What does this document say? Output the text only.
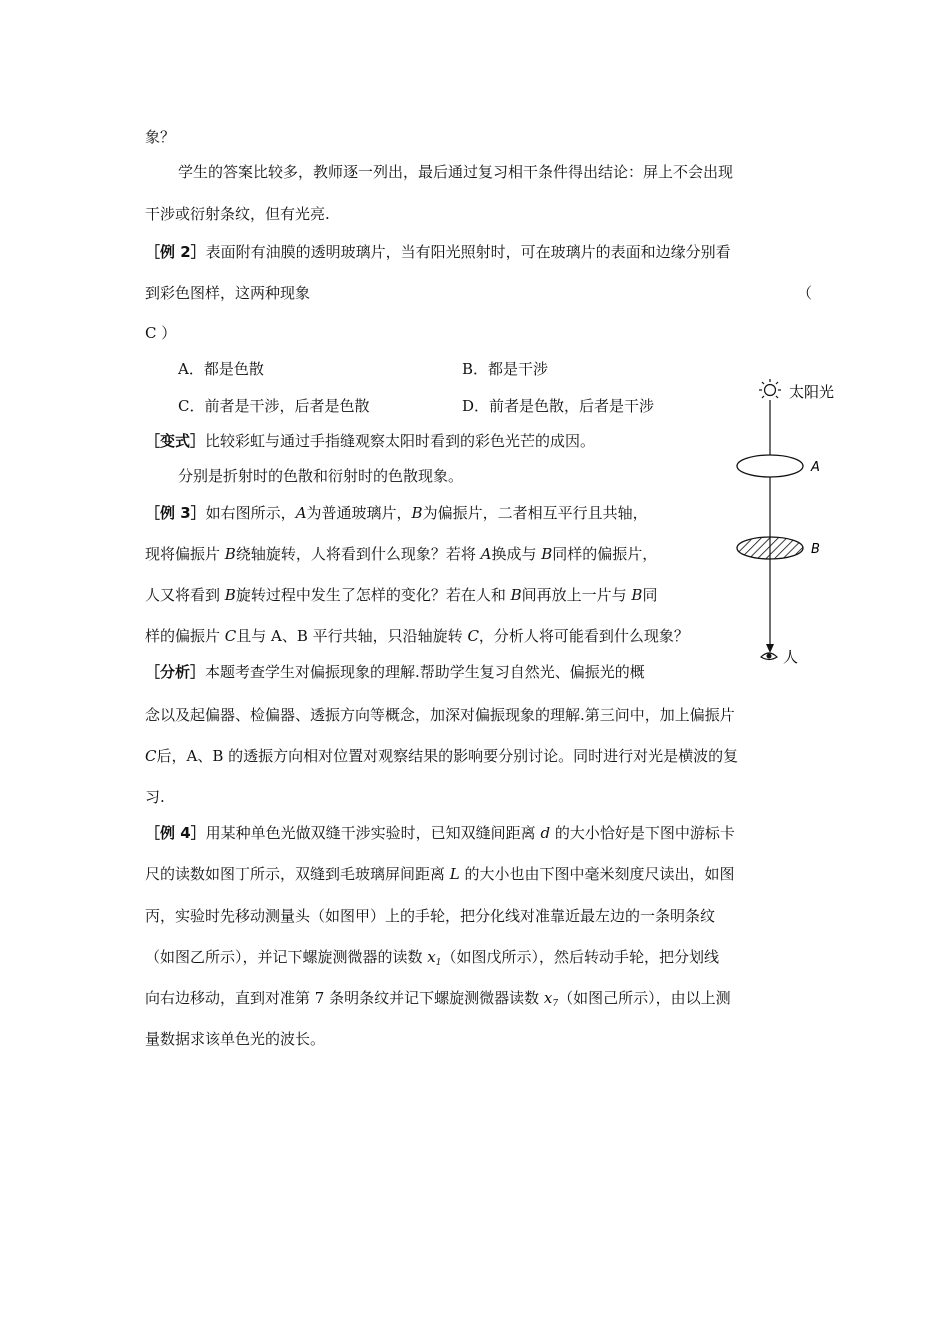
象？
学生的答案比较多，教师逐一列出，最后通过复习相干条件得出结论：屏上不会出现
干涉或衍射条纹，但有光亮.
［例 2］表面附有油膜的透明玻璃片，当有阳光照射时，可在玻璃片的表面和边缘分别看
到彩色图样，这两种现象	（
C ）
A．都是色散	B．都是干涉
C．前者是干涉，后者是色散	D．前者是色散，后者是干涉
［变式］比较彩虹与通过手指缝观察太阳时看到的彩色光芒的成因。
分别是折射时的色散和衍射时的色散现象。
［例 3］如右图所示，A为普通玻璃片，B为偏振片，二者相互平行且共轴，
现将偏振片 B绕轴旋转，人将看到什么现象？若将 A换成与 B同样的偏振片，
人又将看到 B旋转过程中发生了怎样的变化？若在人和 B间再放上一片与 B同
样的偏振片 C且与 A、B 平行共轴，只沿轴旋转 C，分析人将可能看到什么现象？
［分析］本题考查学生对偏振现象的理解.帮助学生复习自然光、偏振光的概
念以及起偏器、检偏器、透振方向等概念，加深对偏振现象的理解.第三问中，加上偏振片
C后，A、B 的透振方向相对位置对观察结果的影响要分别讨论。同时进行对光是横波的复
习.
［例 4］用某种单色光做双缝干涉实验时，已知双缝间距离 d 的大小恰好是下图中游标卡
尺的读数如图丁所示，双缝到毛玻璃屏间距离 L 的大小也由下图中毫米刻度尺读出，如图
丙，实验时先移动测量头（如图甲）上的手轮，把分化线对准靠近最左边的一条明条纹
（如图乙所示），并记下螺旋测微器的读数 $x_1$（如图戊所示），然后转动手轮，把分划线
向右边移动，直到对准第 7 条明条纹并记下螺旋测微器读数 $x_7$（如图己所示），由以上测
量数据求该单色光的波长。
太阳光
A
B
人
